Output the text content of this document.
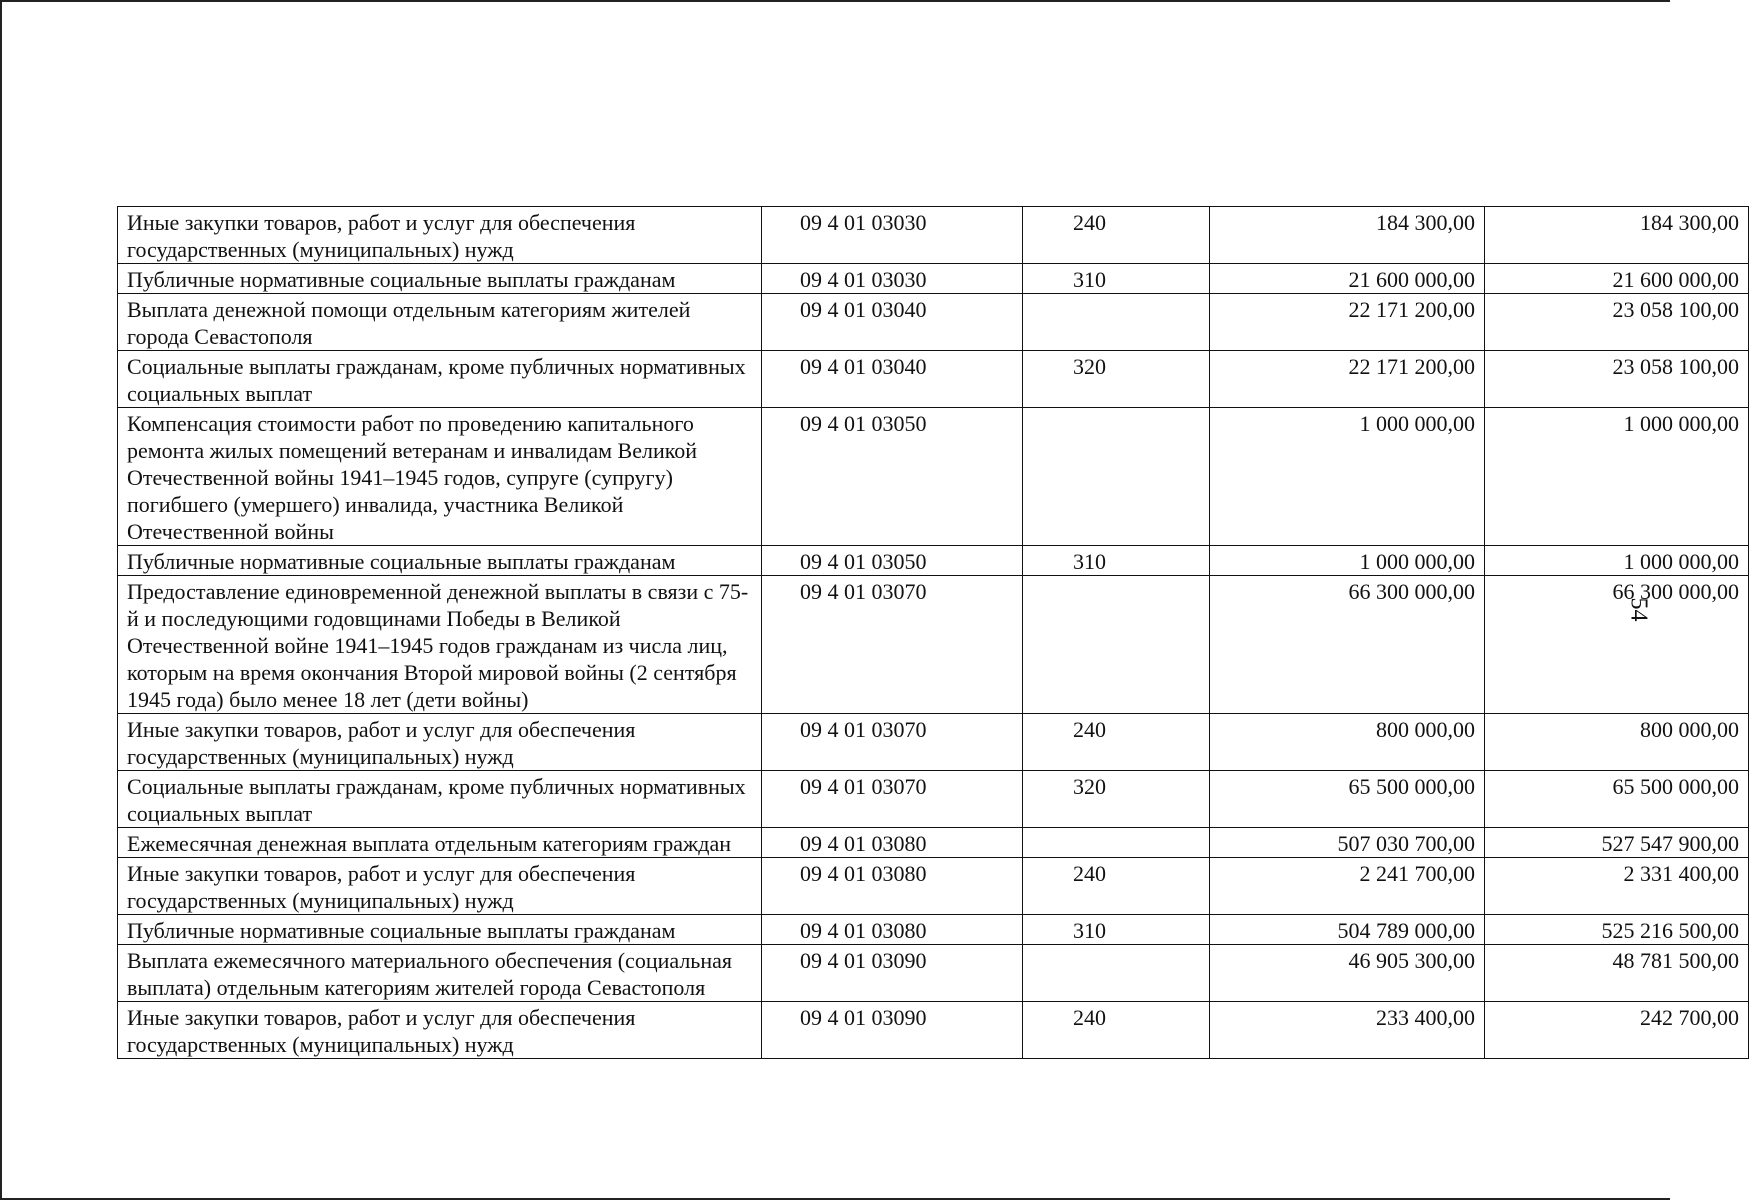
Иные закупки товаров, работ и услуг для обеспечения государственных (муниципальных) нужд	09 4 01 03030	240	184 300,00	184 300,00
Публичные нормативные социальные выплаты гражданам	09 4 01 03030	310	21 600 000,00	21 600 000,00
Выплата денежной помощи отдельным категориям жителей города Севастополя	09 4 01 03040		22 171 200,00	23 058 100,00
Социальные выплаты гражданам, кроме публичных нормативных социальных выплат	09 4 01 03040	320	22 171 200,00	23 058 100,00
Компенсация стоимости работ по проведению капитального ремонта жилых помещений ветеранам и инвалидам Великой Отечественной войны 1941–1945 годов, супруге (супругу) погибшего (умершего) инвалида, участника Великой Отечественной войны	09 4 01 03050		1 000 000,00	1 000 000,00
Публичные нормативные социальные выплаты гражданам	09 4 01 03050	310	1 000 000,00	1 000 000,00
Предоставление единовременной денежной выплаты в связи с 75-й и последующими годовщинами Победы в Великой Отечественной войне 1941–1945 годов гражданам из числа лиц, которым на время окончания Второй мировой войны (2 сентября 1945 года) было менее 18 лет (дети войны)	09 4 01 03070		66 300 000,00	66 300 000,00
Иные закупки товаров, работ и услуг для обеспечения государственных (муниципальных) нужд	09 4 01 03070	240	800 000,00	800 000,00
Социальные выплаты гражданам, кроме публичных нормативных социальных выплат	09 4 01 03070	320	65 500 000,00	65 500 000,00
Ежемесячная денежная выплата отдельным категориям граждан	09 4 01 03080		507 030 700,00	527 547 900,00
Иные закупки товаров, работ и услуг для обеспечения государственных (муниципальных) нужд	09 4 01 03080	240	2 241 700,00	2 331 400,00
Публичные нормативные социальные выплаты гражданам	09 4 01 03080	310	504 789 000,00	525 216 500,00
Выплата ежемесячного материального обеспечения (социальная выплата) отдельным категориям жителей города Севастополя	09 4 01 03090		46 905 300,00	48 781 500,00
Иные закупки товаров, работ и услуг для обеспечения государственных (муниципальных) нужд	09 4 01 03090	240	233 400,00	242 700,00
54
